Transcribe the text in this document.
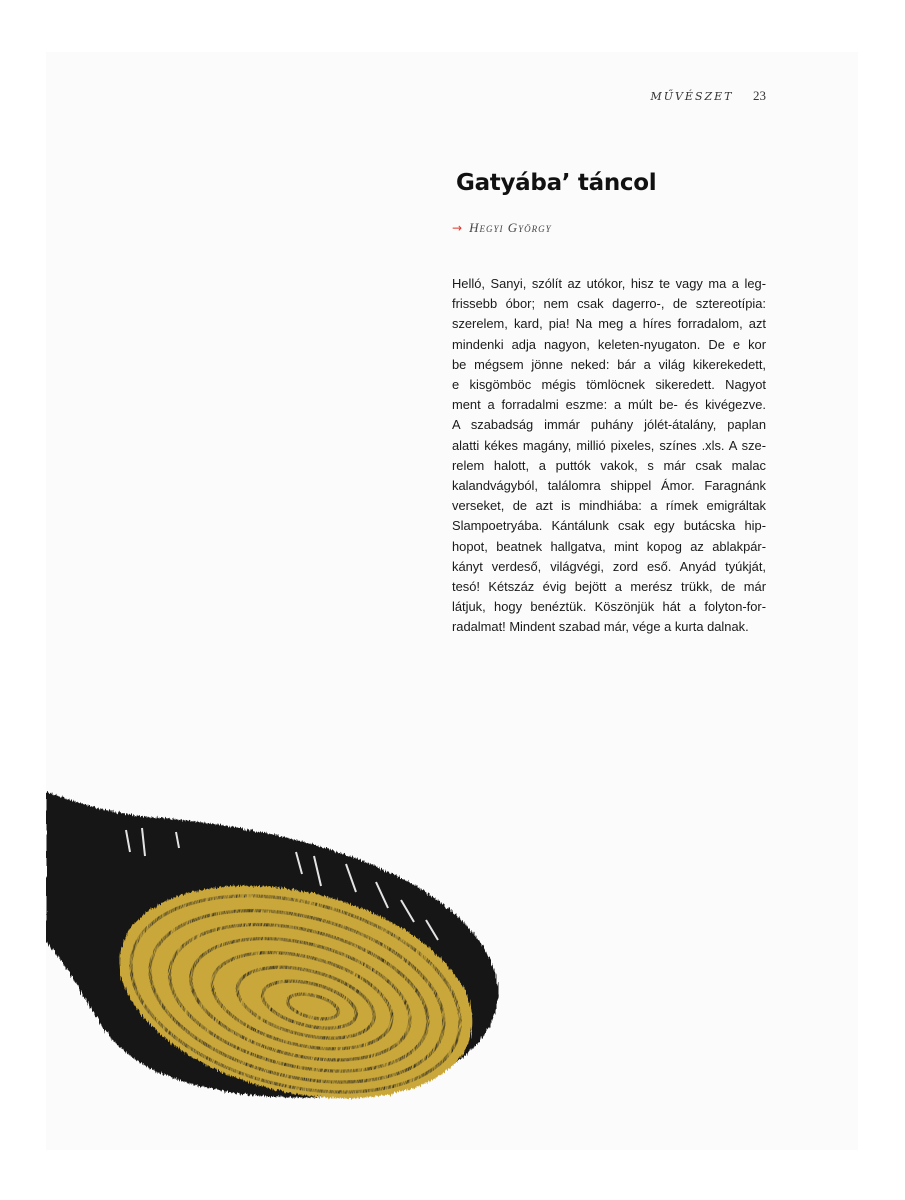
MŰVÉSZET 23
Gatyába’ táncol
→ Hegyi György

Helló, Sanyi, szólít az utókor, hisz te vagy ma a leg-
frissebb óbor; nem csak dagerro-, de sztereotípia:
szerelem, kard, pia! Na meg a híres forradalom, azt
mindenki adja nagyon, keleten-nyugaton. De e kor
be mégsem jönne neked: bár a világ kikerekedett,
e kisgömböc mégis tömlöcnek sikeredett. Nagyot
ment a forradalmi eszme: a múlt be- és kivégezve.
A szabadság immár puhány jólét-átalány, paplan
alatti kékes magány, millió pixeles, színes .xls. A sze-
relem halott, a puttók vakok, s már csak malac
kalandvágyból, találomra shippel Ámor. Faragnánk
verseket, de azt is mindhiába: a rímek emigráltak
Slampoetryába. Kántálunk csak egy butácska hip-
hopot, beatnek hallgatva, mint kopog az ablakpár-
kányt verdeső, világvégi, zord eső. Anyád tyúkját,
tesó! Kétszáz évig bejött a merész trükk, de már
látjuk, hogy benéztük. Köszönjük hát a folyton-for-
radalmat! Mindent szabad már, vége a kurta dalnak.
